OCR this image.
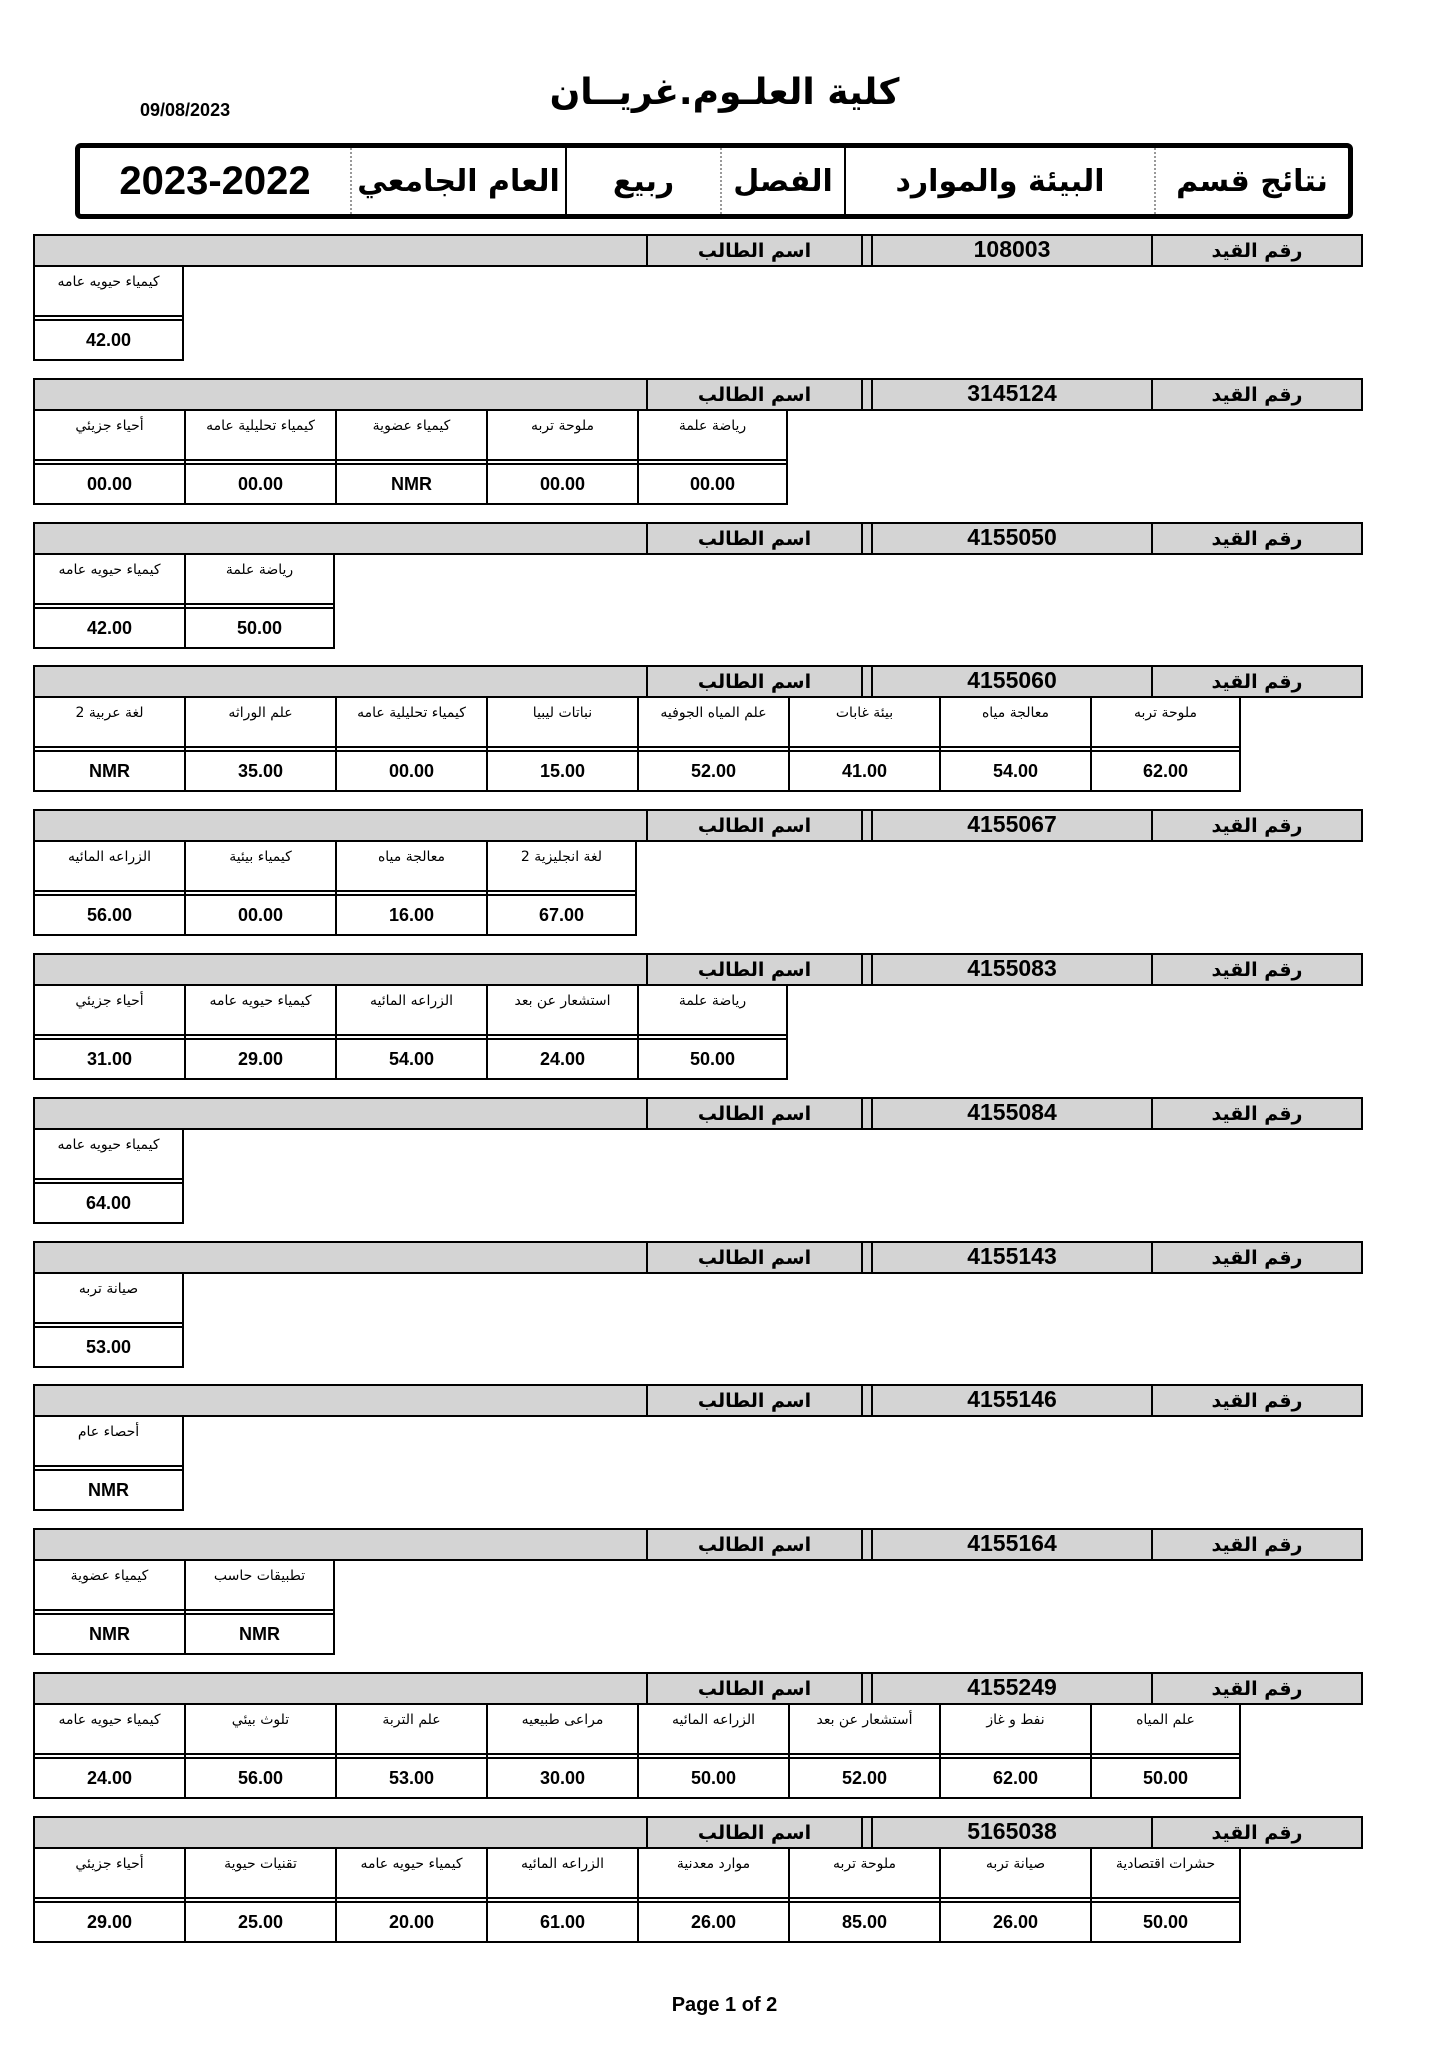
09/08/2023	كلية العلـوم.غريــان
نتائج قسم
البيئة والموارد
الفصل
ربيع
العام الجامعي
2023-2022
رقم القيد
108003
اسم الطالب
كيمياء حيويه عامه
42.00
رقم القيد
3145124
اسم الطالب
أحياء جزيئي
00.00
كيمياء تحليلية عامه
00.00
كيمياء عضوية
NMR
ملوحة تربه
00.00
رياضة علمة
00.00
رقم القيد
4155050
اسم الطالب
كيمياء حيويه عامه
42.00
رياضة علمة
50.00
رقم القيد
4155060
اسم الطالب
لغة عربية 2
NMR
علم الوراثه
35.00
كيمياء تحليلية عامه
00.00
نباتات ليبيا
15.00
علم المياه الجوفيه
52.00
بيئة غابات
41.00
معالجة مياه
54.00
ملوحة تربه
62.00
رقم القيد
4155067
اسم الطالب
الزراعه المائيه
56.00
كيمياء بيئية
00.00
معالجة مياه
16.00
لغة انجليزية 2
67.00
رقم القيد
4155083
اسم الطالب
أحياء جزيئي
31.00
كيمياء حيويه عامه
29.00
الزراعه المائيه
54.00
استشعار عن بعد
24.00
رياضة علمة
50.00
رقم القيد
4155084
اسم الطالب
كيمياء حيويه عامه
64.00
رقم القيد
4155143
اسم الطالب
صيانة تربه
53.00
رقم القيد
4155146
اسم الطالب
أحصاء عام
NMR
رقم القيد
4155164
اسم الطالب
كيمياء عضوية
NMR
تطبيقات حاسب
NMR
رقم القيد
4155249
اسم الطالب
كيمياء حيويه عامه
24.00
تلوث بيئي
56.00
علم التربة
53.00
مراعى طبيعيه
30.00
الزراعه المائيه
50.00
أستشعار عن بعد
52.00
نفط و غاز
62.00
علم المياه
50.00
رقم القيد
5165038
اسم الطالب
أحياء جزيئي
29.00
تقنيات حيوية
25.00
كيمياء حيويه عامه
20.00
الزراعه المائيه
61.00
موارد معدنية
26.00
ملوحة تربه
85.00
صيانة تربه
26.00
حشرات اقتصادية
50.00
Page 1 of 2
